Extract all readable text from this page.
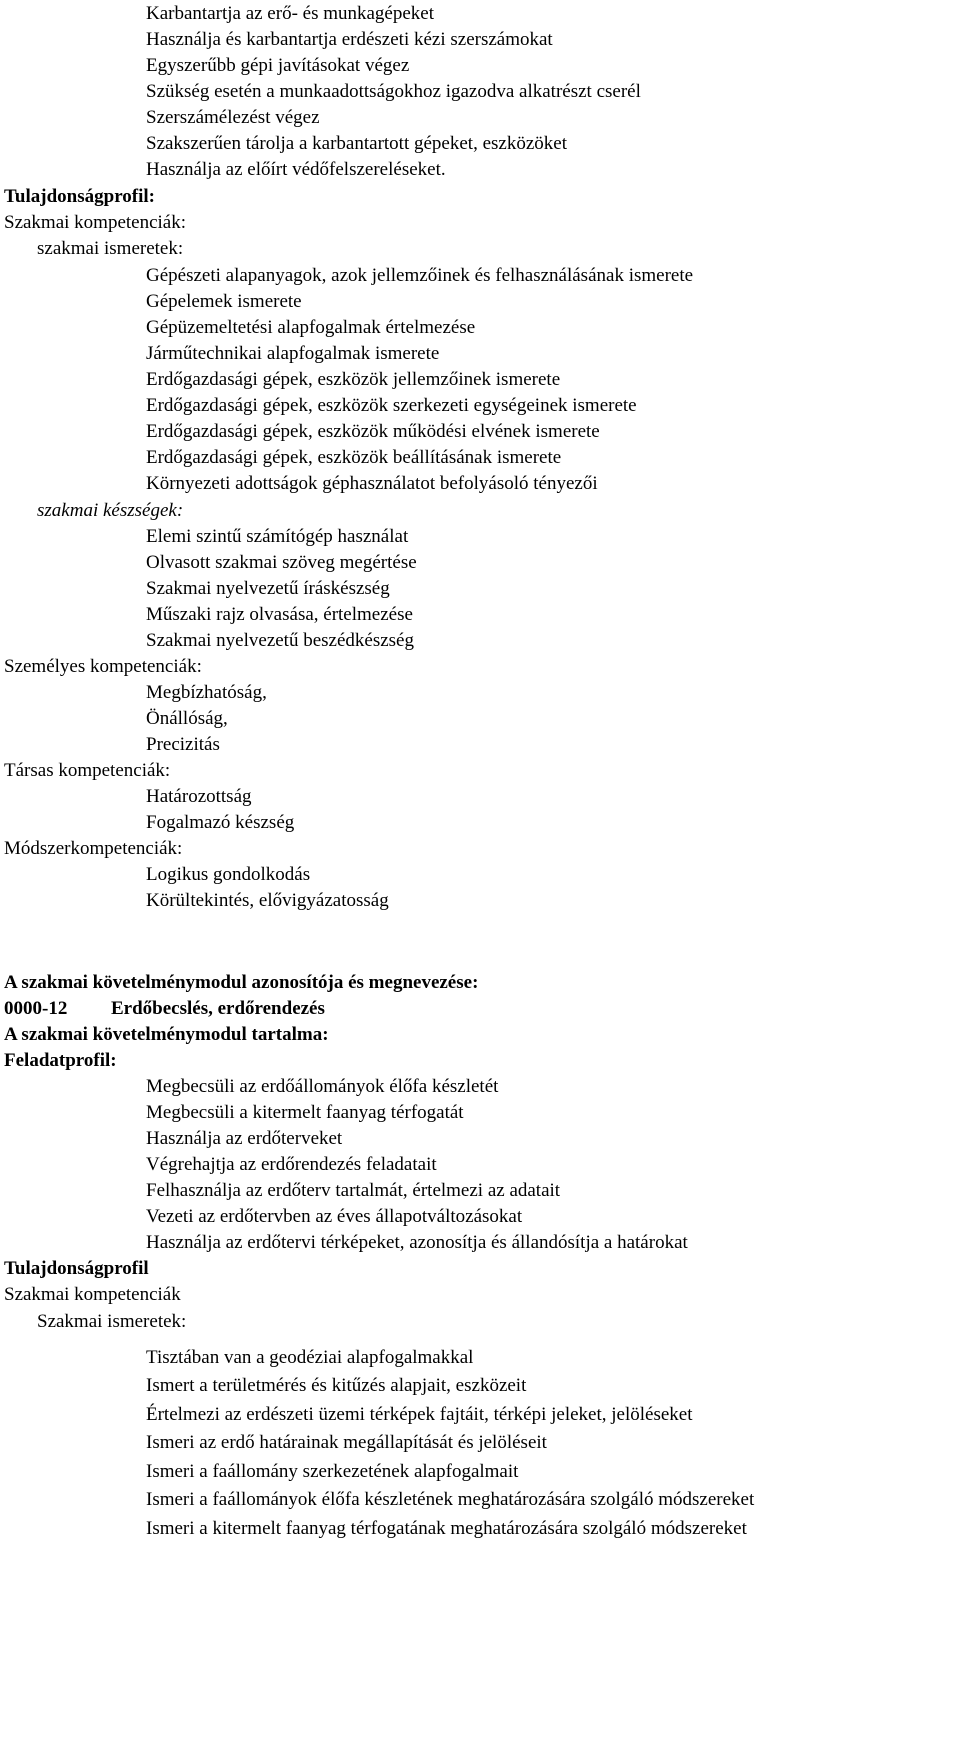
Karbantartja az erő- és munkagépeket
Használja és karbantartja erdészeti kézi szerszámokat
Egyszerűbb gépi javításokat végez
Szükség esetén a munkaadottságokhoz igazodva alkatrészt cserél
Szerszámélezést végez
Szakszerűen tárolja a karbantartott gépeket, eszközöket
Használja az előírt védőfelszereléseket.
Tulajdonságprofil:
Szakmai kompetenciák:
szakmai ismeretek:
Gépészeti alapanyagok, azok jellemzőinek és felhasználásának ismerete
Gépelemek ismerete
Gépüzemeltetési alapfogalmak értelmezése
Járműtechnikai alapfogalmak ismerete
Erdőgazdasági gépek, eszközök jellemzőinek ismerete
Erdőgazdasági gépek, eszközök szerkezeti egységeinek ismerete
Erdőgazdasági gépek, eszközök működési elvének ismerete
Erdőgazdasági gépek, eszközök beállításának ismerete
Környezeti adottságok géphasználatot befolyásoló tényezői
szakmai készségek:
Elemi szintű számítógép használat
Olvasott szakmai szöveg megértése
Szakmai nyelvezetű íráskészség
Műszaki rajz olvasása, értelmezése
Szakmai nyelvezetű beszédkészség
Személyes kompetenciák:
Megbízhatóság,
Önállóság,
Precizitás
Társas kompetenciák:
Határozottság
Fogalmazó készség
Módszerkompetenciák:
Logikus gondolkodás
Körültekintés, elővigyázatosság
A szakmai követelménymodul azonosítója és megnevezése:
0000-12 Erdőbecslés, erdőrendezés
A szakmai követelménymodul tartalma:
Feladatprofil:
Megbecsüli az erdőállományok élőfa készletét
Megbecsüli a kitermelt faanyag térfogatát
Használja az erdőterveket
Végrehajtja az erdőrendezés feladatait
Felhasználja az erdőterv tartalmát, értelmezi az adatait
Vezeti az erdőtervben az éves állapotváltozásokat
Használja az erdőtervi térképeket, azonosítja és állandósítja a határokat
Tulajdonságprofil
Szakmai kompetenciák
Szakmai ismeretek:
Tisztában van a geodéziai alapfogalmakkal
Ismert a területmérés és kitűzés alapjait, eszközeit
Értelmezi az erdészeti üzemi térképek fajtáit, térképi jeleket, jelöléseket
Ismeri az erdő határainak megállapítását és jelöléseit
Ismeri a faállomány szerkezetének alapfogalmait
Ismeri a faállományok élőfa készletének meghatározására szolgáló módszereket
Ismeri a kitermelt faanyag térfogatának meghatározására szolgáló módszereket
